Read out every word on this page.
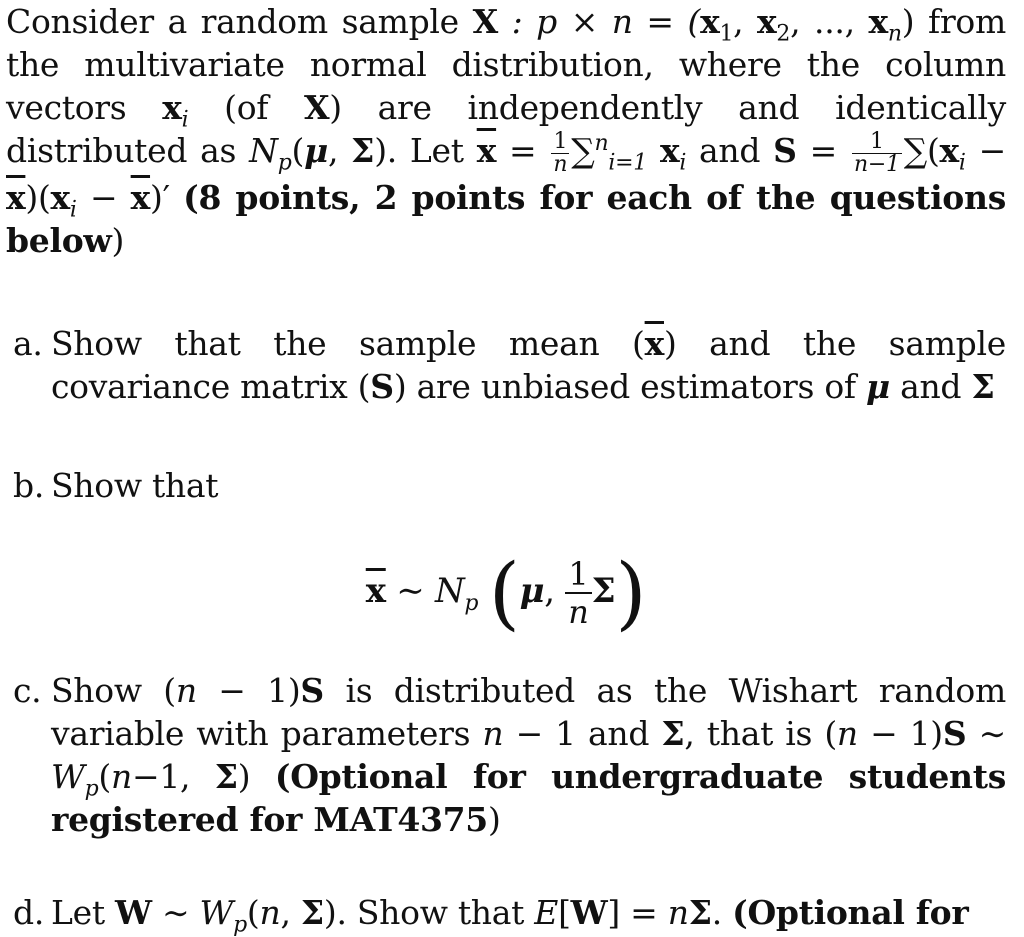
Consider a random sample X : $p \times n = (x_1$, $x_2$, ..., $x_n$) from the multivariate normal distribution, where the column vectors $x_i$ (of X) are independently and identically distributed as $N_p(\mu$, Σ). Let $\overline{x} = \frac{1}{n} \sum^n_{i=1}$ $x_i$ and $S = \frac{1}{n-1} \sum(x_i - \overline{x})(x_i - \overline{x})'$ (8 points, 2 points for each of the questions below)

a. Show that the sample mean $(\overline{x})$ and the sample covariance matrix (S) are unbiased estimators of μ and Σ
b. Show that
$\overline{x}$ ∼ $N_p$ (μ, $\frac{1}{n} \Sigma$)
c. Show (n − 1)S is distributed as the Wishart random variable with parameters n − 1 and Σ, that is (n − 1)S ∼ $W_p(n-1$, Σ) (Optional for undergraduate students registered for MAT4375)
d. Let W ∼ $W_p(n$, Σ). Show that E[W] = nΣ. (Optional for
